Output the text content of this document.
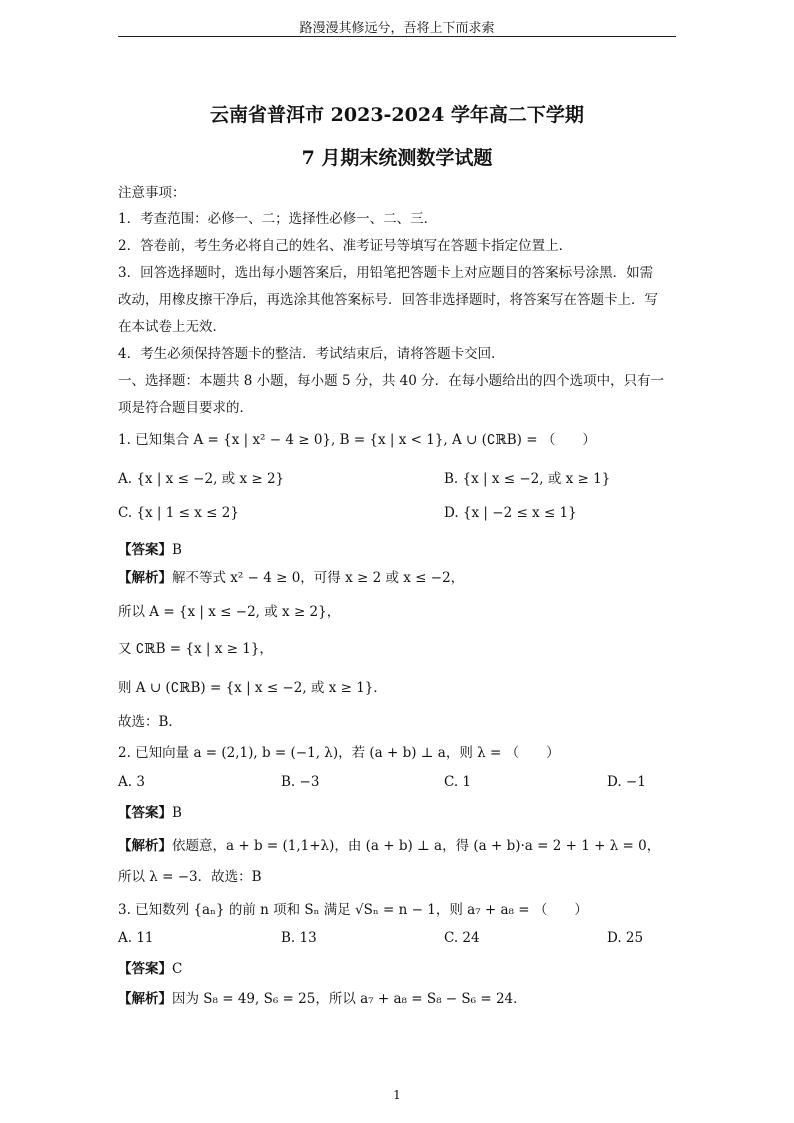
路漫漫其修远兮，吾将上下而求索
云南省普洱市 2023-2024 学年高二下学期
7 月期末统测数学试题
注意事项：
1．考查范围：必修一、二；选择性必修一、二、三．
2．答卷前，考生务必将自己的姓名、准考证号等填写在答题卡指定位置上．
3．回答选择题时，选出每小题答案后，用铅笔把答题卡上对应题目的答案标号涂黑．如需
改动，用橡皮擦干净后，再选涂其他答案标号．回答非选择题时，将答案写在答题卡上．写
在本试卷上无效．
4．考生必须保持答题卡的整洁．考试结束后，请将答题卡交回．
一、选择题：本题共 8 小题，每小题 5 分，共 40 分．在每小题给出的四个选项中，只有一
项是符合题目要求的．
1. 已知集合 A = {x | x² − 4 ≥ 0}, B = {x | x < 1}, A ∪ (∁ℝB) = （　　）
A. {x | x ≤ −2, 或 x ≥ 2}	B. {x | x ≤ −2, 或 x ≥ 1}
C. {x | 1 ≤ x ≤ 2}	D. {x | −2 ≤ x ≤ 1}
【答案】B
【解析】解不等式 x² − 4 ≥ 0，可得 x ≥ 2 或 x ≤ −2，
所以 A = {x | x ≤ −2, 或 x ≥ 2}，
又 ∁ℝB = {x | x ≥ 1}，
则 A ∪ (∁ℝB) = {x | x ≤ −2, 或 x ≥ 1}．
故选：B．
2. 已知向量 a = (2,1), b = (−1, λ)，若 (a + b) ⊥ a，则 λ = （　　）
A. 3	B. −3	C. 1	D. −1
【答案】B
【解析】依题意，a + b = (1,1+λ)，由 (a + b) ⊥ a，得 (a + b)·a = 2 + 1 + λ = 0，
所以 λ = −3．故选：B
3. 已知数列 {aₙ} 的前 n 项和 Sₙ 满足 √Sₙ = n − 1，则 a₇ + a₈ = （　　）
A. 11	B. 13	C. 24	D. 25
【答案】C
【解析】因为 S₈ = 49, S₆ = 25，所以 a₇ + a₈ = S₈ − S₆ = 24．
1
